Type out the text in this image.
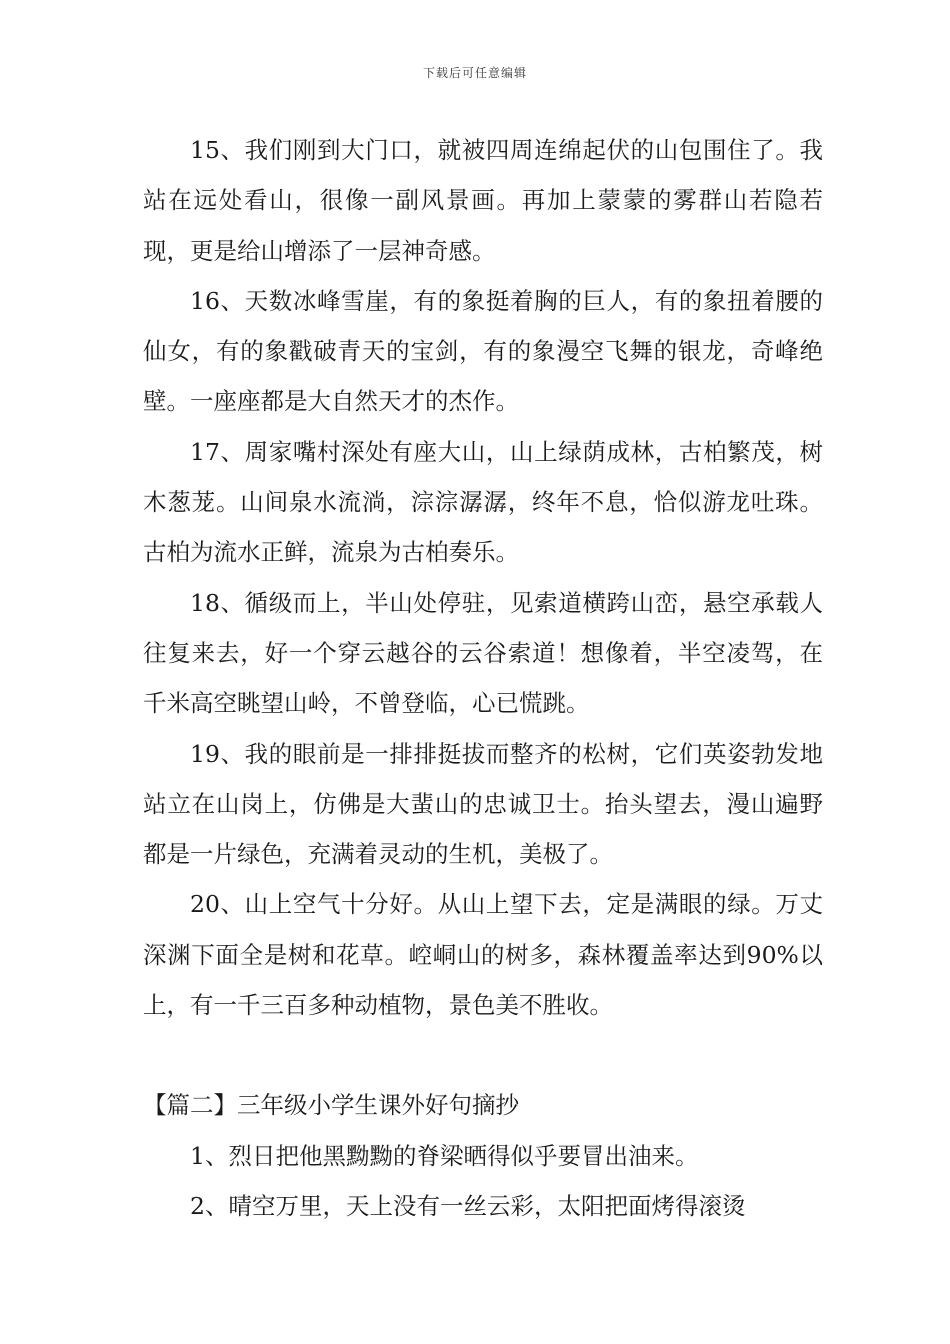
下载后可任意编辑

15、我们刚到大门口，就被四周连绵起伏的山包围住了。我站在远处看山，很像一副风景画。再加上蒙蒙的雾群山若隐若现，更是给山增添了一层神奇感。

16、天数冰峰雪崖，有的象挺着胸的巨人，有的象扭着腰的仙女，有的象戳破青天的宝剑，有的象漫空飞舞的银龙，奇峰绝壁。一座座都是大自然天才的杰作。

17、周家嘴村深处有座大山，山上绿荫成林，古柏繁茂，树木葱茏。山间泉水流淌，淙淙潺潺，终年不息，恰似游龙吐珠。古柏为流水正鲜，流泉为古柏奏乐。

18、循级而上，半山处停驻，见索道横跨山峦，悬空承载人往复来去，好一个穿云越谷的云谷索道！想像着，半空凌驾，在千米高空眺望山岭，不曾登临，心已慌跳。

19、我的眼前是一排排挺拔而整齐的松树，它们英姿勃发地站立在山岗上，仿佛是大蜚山的忠诚卫士。抬头望去，漫山遍野都是一片绿色，充满着灵动的生机，美极了。

20、山上空气十分好。从山上望下去，定是满眼的绿。万丈深渊下面全是树和花草。崆峒山的树多，森林覆盖率达到90%以上，有一千三百多种动植物，景色美不胜收。

【篇二】三年级小学生课外好句摘抄

1、烈日把他黑黝黝的脊梁晒得似乎要冒出油来。

2、晴空万里，天上没有一丝云彩，太阳把面烤得滚烫
